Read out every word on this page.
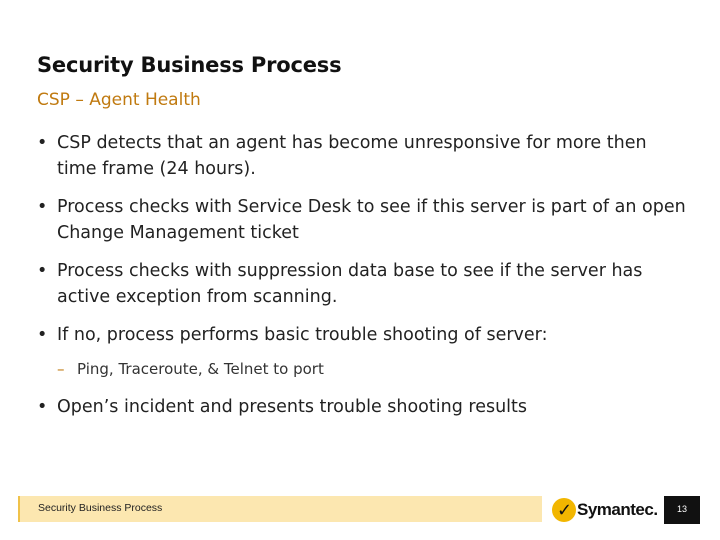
Security Business Process
CSP – Agent Health
• CSP detects that an agent has become unresponsive for more then time frame (24 hours).
• Process checks with Service Desk to see if this server is part of an open Change Management ticket
• Process checks with suppression data base to see if the server has active exception from scanning.
• If no, process performs basic trouble shooting of server:
– Ping, Traceroute, & Telnet to port
• Open’s incident and presents trouble shooting results
Security Business Process	✓ Symantec.	13
